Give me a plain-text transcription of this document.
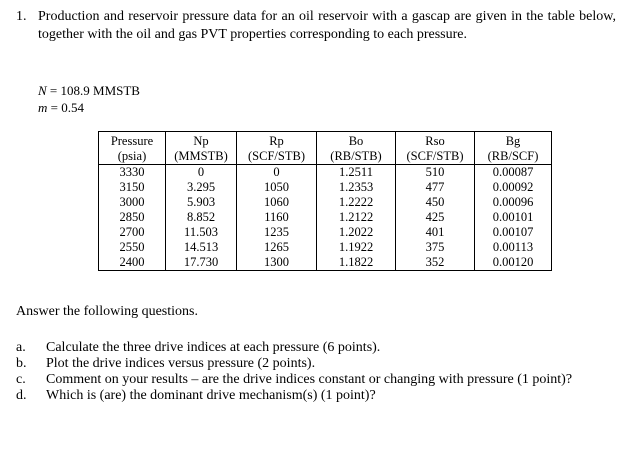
1. Production and reservoir pressure data for an oil reservoir with a gascap are given in the table below, together with the oil and gas PVT properties corresponding to each pressure.
N = 108.9 MMSTB
m = 0.54
Pressure	Np	Rp	Bo	Rso	Bg
(psia)	(MMSTB)	(SCF/STB)	(RB/STB)	(SCF/STB)	(RB/SCF)
3330	0	0	1.2511	510	0.00087
3150	3.295	1050	1.2353	477	0.00092
3000	5.903	1060	1.2222	450	0.00096
2850	8.852	1160	1.2122	425	0.00101
2700	11.503	1235	1.2022	401	0.00107
2550	14.513	1265	1.1922	375	0.00113
2400	17.730	1300	1.1822	352	0.00120
Answer the following questions.
a. Calculate the three drive indices at each pressure (6 points).
b. Plot the drive indices versus pressure (2 points).
c. Comment on your results – are the drive indices constant or changing with pressure (1 point)?
d. Which is (are) the dominant drive mechanism(s) (1 point)?
